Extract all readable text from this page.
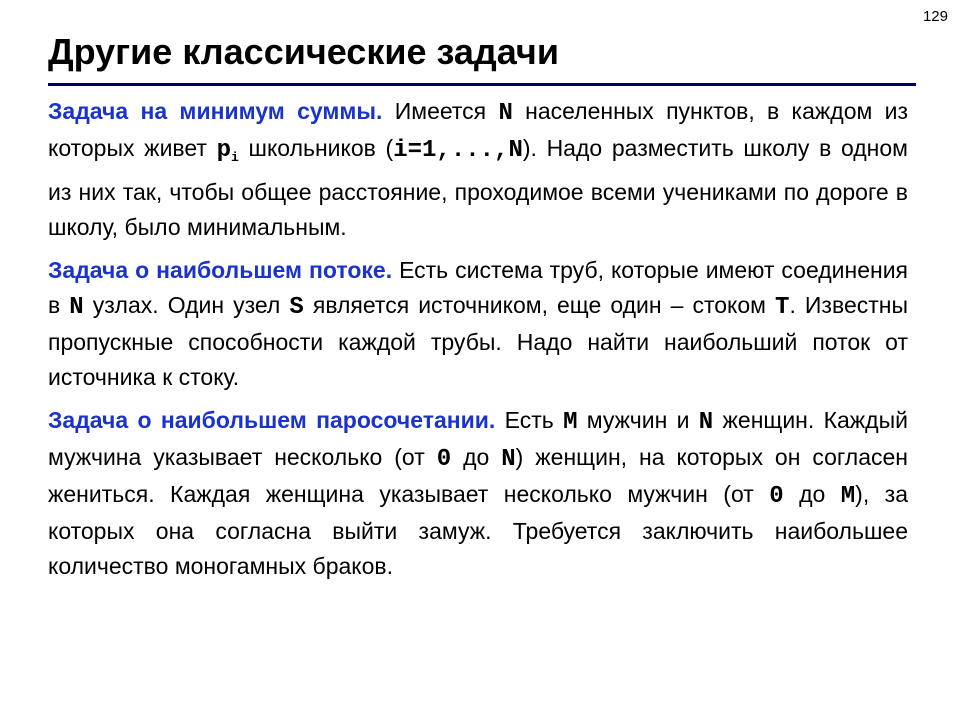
129
Другие классические задачи

Задача на минимум суммы. Имеется N населенных пунктов, в каждом из которых живет $p_i$ школьников (i=1,...,N). Надо разместить школу в одном из них так, чтобы общее расстояние, проходимое всеми учениками по дороге в школу, было минимальным.

Задача о наибольшем потоке. Есть система труб, которые имеют соединения в N узлах. Один узел S является источником, еще один – стоком T. Известны пропускные способности каждой трубы. Надо найти наибольший поток от источника к стоку.

Задача о наибольшем паросочетании. Есть M мужчин и N женщин. Каждый мужчина указывает несколько (от 0 до N) женщин, на которых он согласен жениться. Каждая женщина указывает несколько мужчин (от 0 до M), за которых она согласна выйти замуж. Требуется заключить наибольшее количество моногамных браков.
